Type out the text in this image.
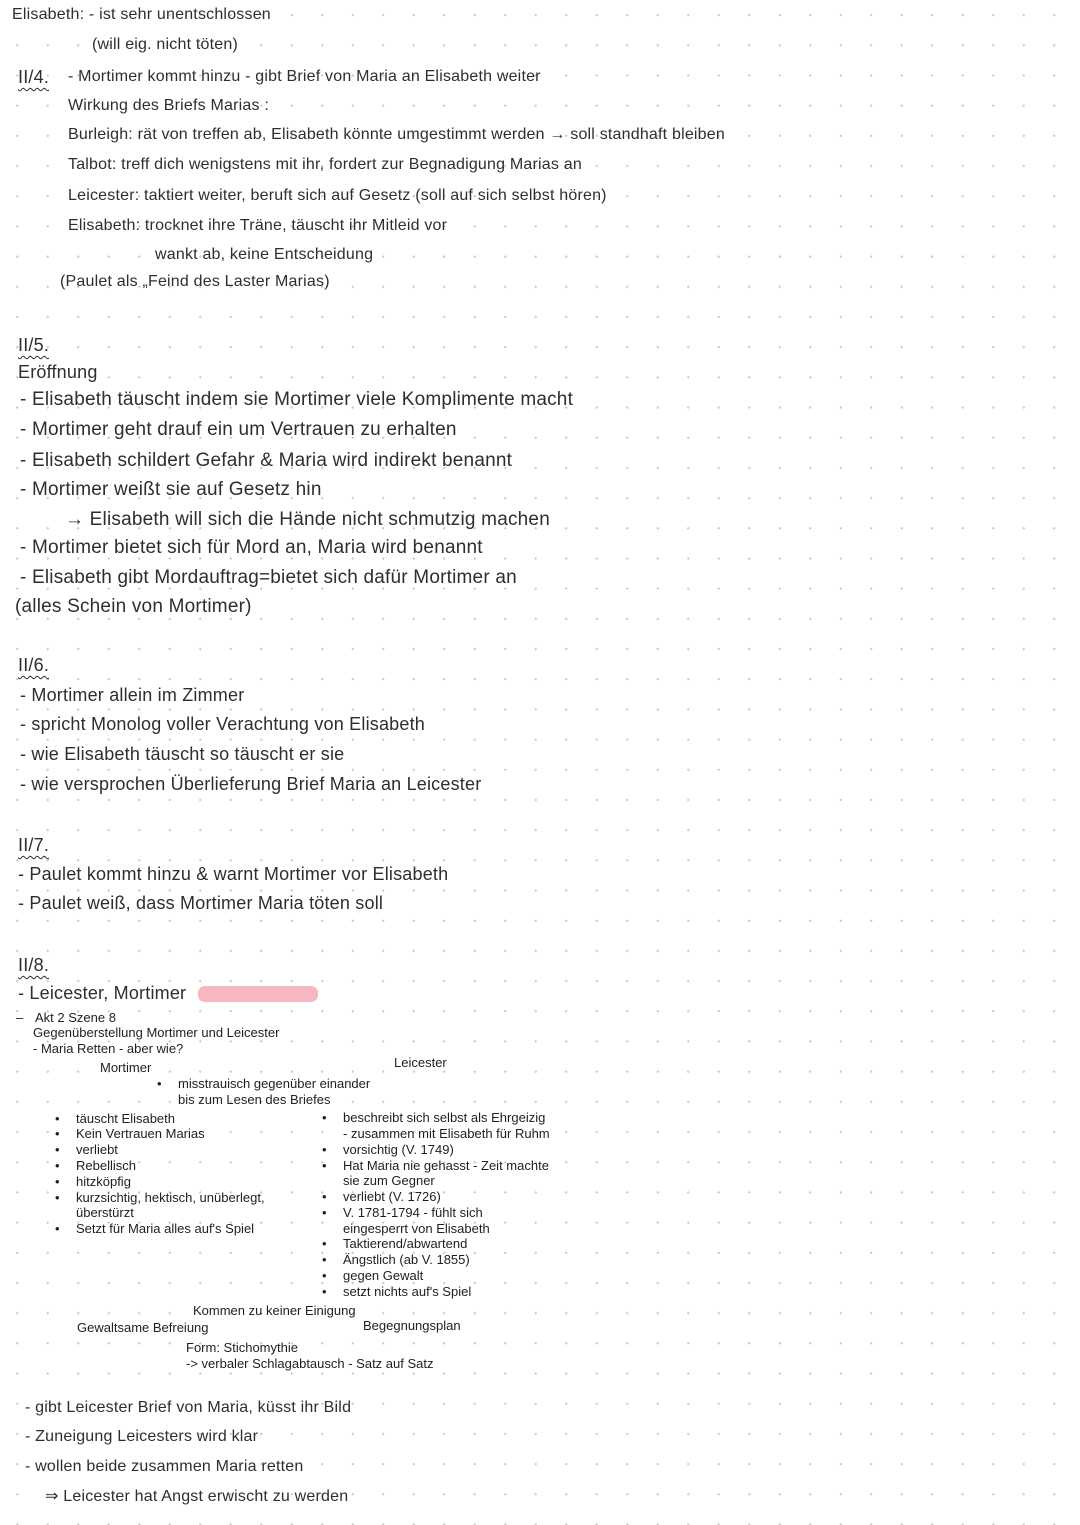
Elisabeth: - ist sehr unentschlossen
(will eig. nicht töten)
II/4. - Mortimer kommt hinzu - gibt Brief von Maria an Elisabeth weiter
Wirkung des Briefs Marias :
Burleigh: rät von treffen ab, Elisabeth könnte umgestimmt werden → soll standhaft bleiben
Talbot: treff dich wenigstens mit ihr, fordert zur Begnadigung Marias an
Leicester: taktiert weiter, beruft sich auf Gesetz (soll auf sich selbst hören)
Elisabeth: trocknet ihre Träne, täuscht ihr Mitleid vor
wankt ab, keine Entscheidung
(Paulet als „Feind des Laster Marias)
II/5.
Eröffnung
- Elisabeth täuscht indem sie Mortimer viele Komplimente macht
- Mortimer geht drauf ein um Vertrauen zu erhalten
- Elisabeth schildert Gefahr & Maria wird indirekt benannt
- Mortimer weißt sie auf Gesetz hin
→ Elisabeth will sich die Hände nicht schmutzig machen
- Mortimer bietet sich für Mord an, Maria wird benannt
- Elisabeth gibt Mordauftrag=bietet sich dafür Mortimer an
(alles Schein von Mortimer)
II/6.
- Mortimer allein im Zimmer
- spricht Monolog voller Verachtung von Elisabeth
- wie Elisabeth täuscht so täuscht er sie
- wie versprochen Überlieferung Brief Maria an Leicester
II/7.
- Paulet kommt hinzu & warnt Mortimer vor Elisabeth
- Paulet weiß, dass Mortimer Maria töten soll
II/8.
- Leicester, Mortimer
– Akt 2 Szene 8
Gegenüberstellung Mortimer und Leicester
- Maria Retten - aber wie?
Leicester
Mortimer
• misstrauisch gegenüber einander
bis zum Lesen des Briefes
• täuscht Elisabeth
• Kein Vertrauen Marias
• verliebt
• Rebellisch
• hitzköpfig
• kurzsichtig, hektisch, unüberlegt,
überstürzt
• Setzt für Maria alles auf's Spiel
• beschreibt sich selbst als Ehrgeizig
- zusammen mit Elisabeth für Ruhm
• vorsichtig (V. 1749)
• Hat Maria nie gehasst - Zeit machte
sie zum Gegner
• verliebt (V. 1726)
• V. 1781-1794 - fühlt sich
eingesperrt von Elisabeth
• Taktierend/abwartend
• Ängstlich (ab V. 1855)
• gegen Gewalt
• setzt nichts auf's Spiel
Kommen zu keiner Einigung
Gewaltsame Befreiung	Begegnungsplan
Form: Stichomythie
-> verbaler Schlagabtausch - Satz auf Satz
- gibt Leicester Brief von Maria, küsst ihr Bild
- Zuneigung Leicesters wird klar
- wollen beide zusammen Maria retten
⇒ Leicester hat Angst erwischt zu werden
